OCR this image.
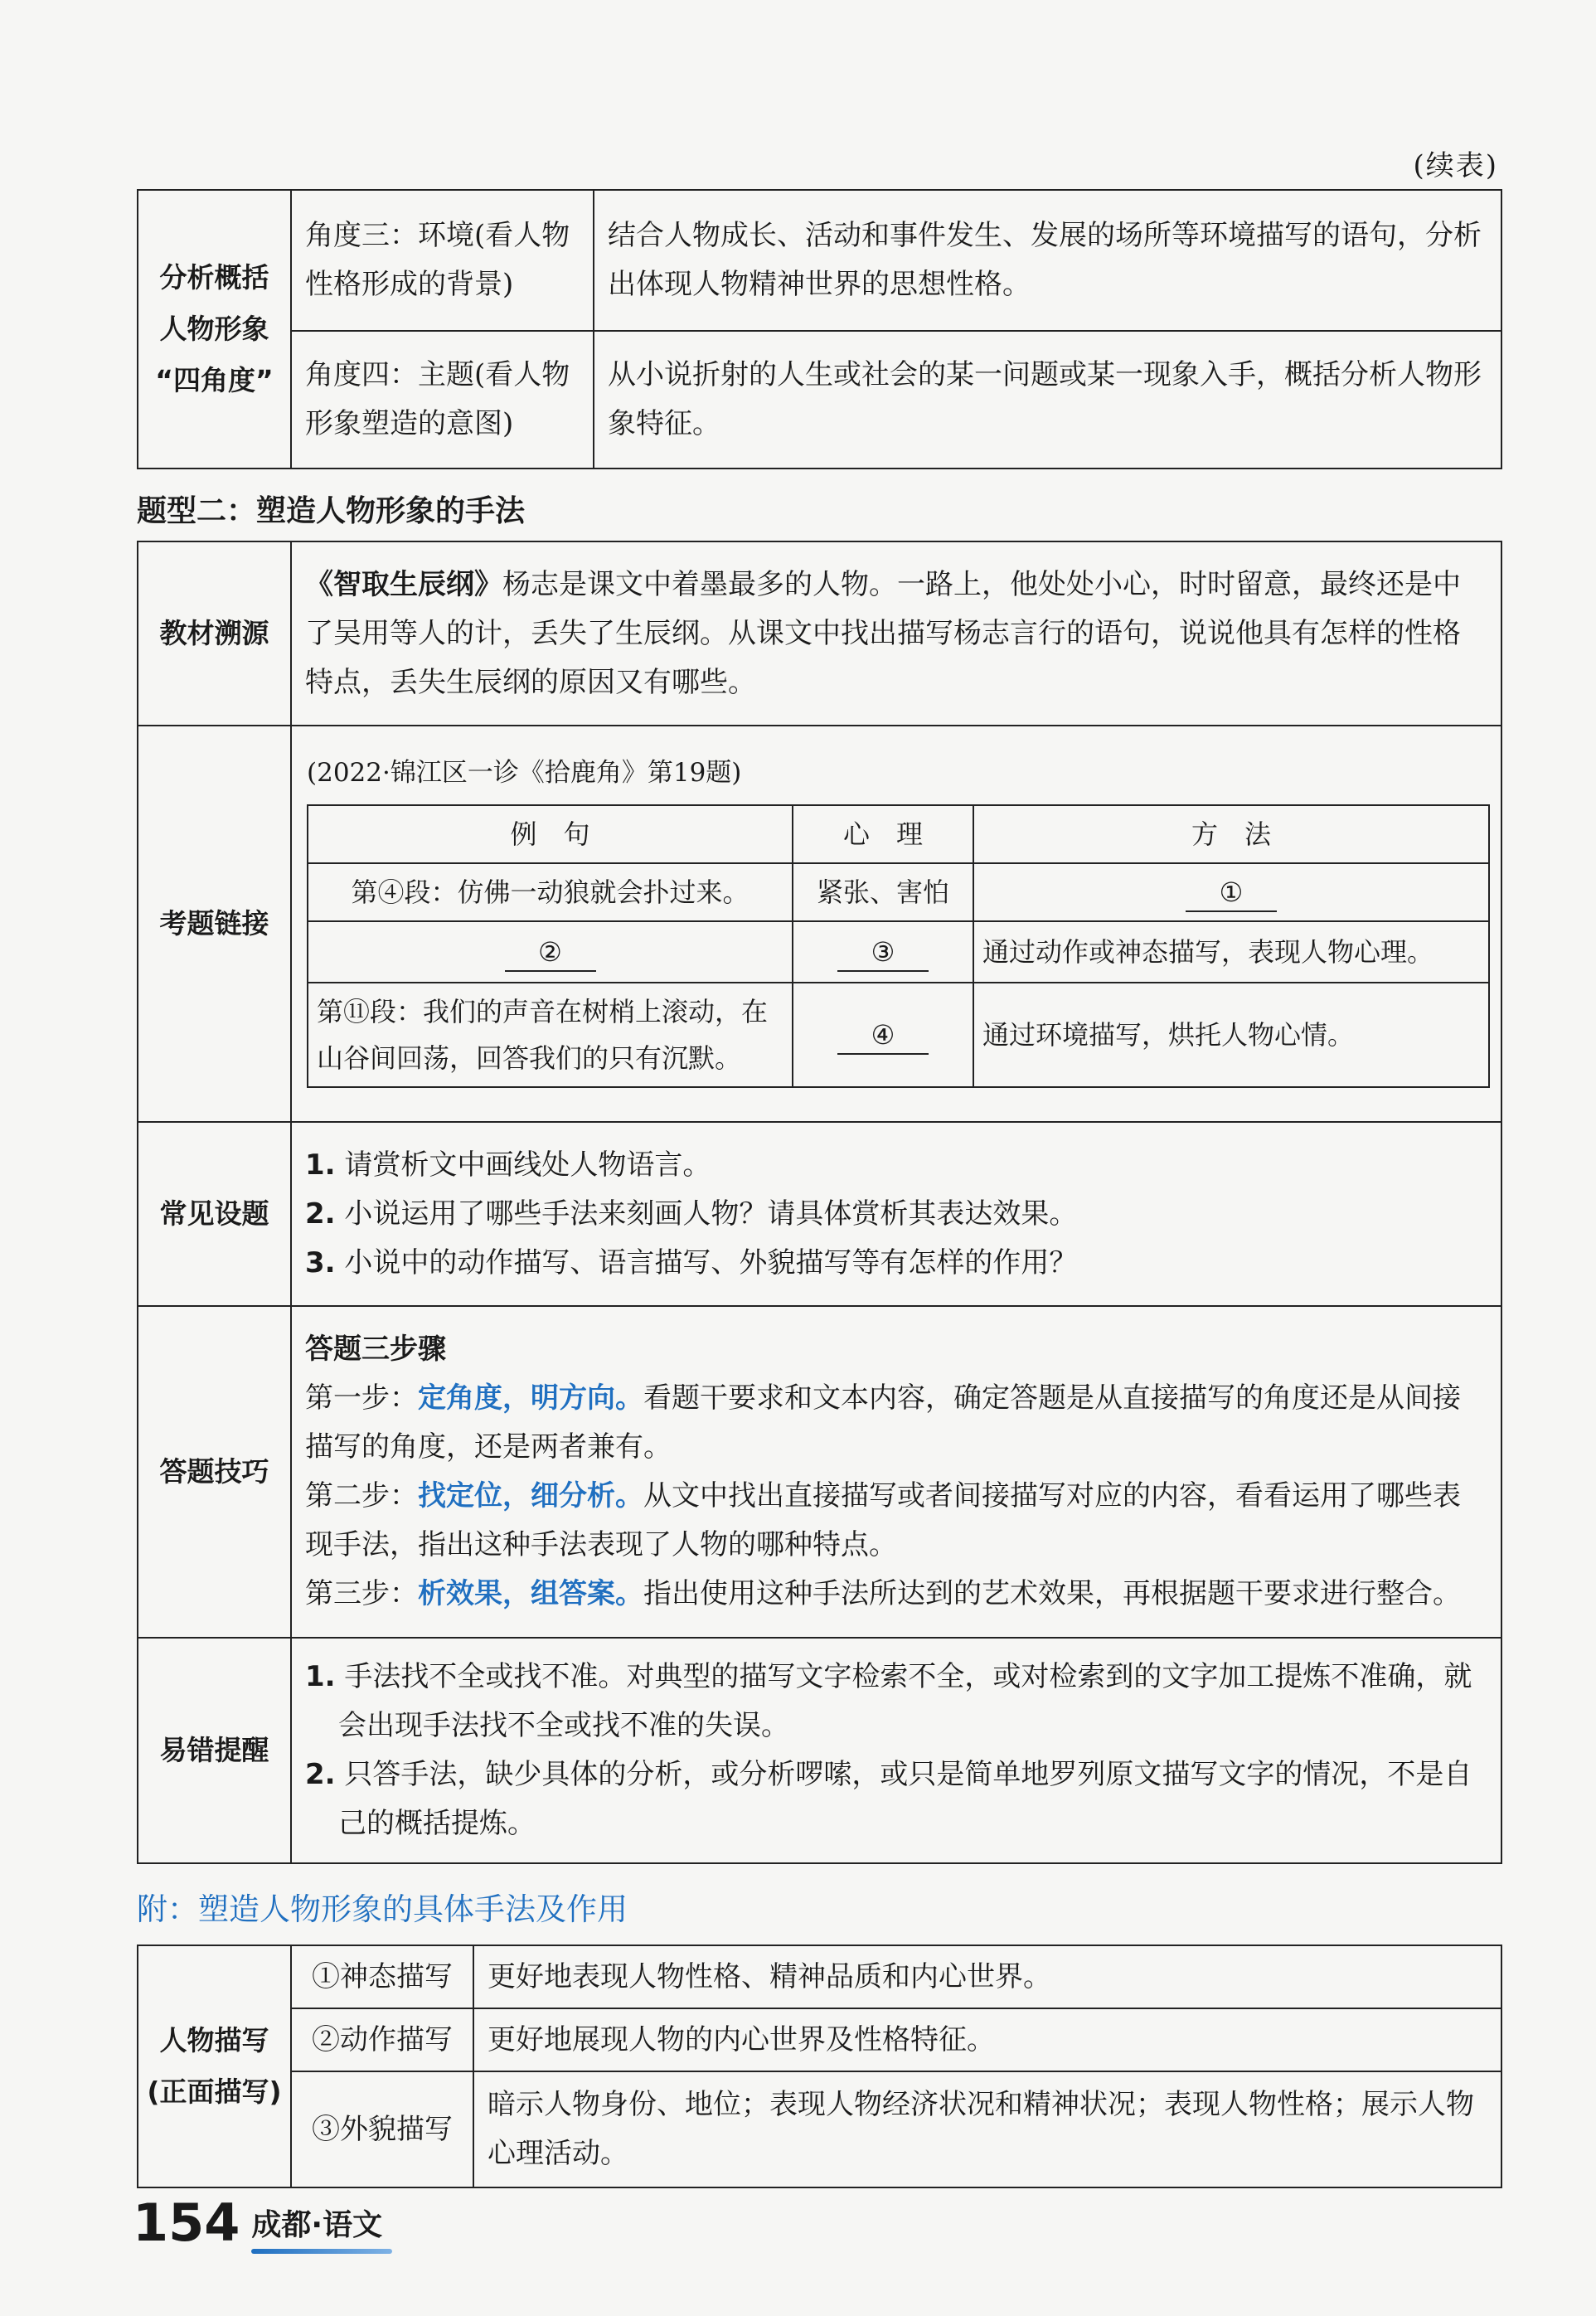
(续表)
分析概括
人物形象
“四角度”	角度三：环境(看人物性格形成的背景)	结合人物成长、活动和事件发生、发展的场所等环境描写的语句，分析出体现人物精神世界的思想性格。
	角度四：主题(看人物形象塑造的意图)	从小说折射的人生或社会的某一问题或某一现象入手，概括分析人物形象特征。
题型二：塑造人物形象的手法
教材溯源	《智取生辰纲》杨志是课文中着墨最多的人物。一路上，他处处小心，时时留意，最终还是中了吴用等人的计，丢失了生辰纲。从课文中找出描写杨志言行的语句，说说他具有怎样的性格特点，丢失生辰纲的原因又有哪些。
考题链接	
(2022·锦江区一诊《拾鹿角》第19题)
例　句	心　理	方　法
第④段：仿佛一动狼就会扑过来。	紧张、害怕	①
②	③	通过动作或神态描写，表现人物心理。
第⑪段：我们的声音在树梢上滚动，在山谷间回荡，回答我们的只有沉默。	④	通过环境描写，烘托人物心情。

常见设题	
1. 请赏析文中画线处人物语言。
2. 小说运用了哪些手法来刻画人物？请具体赏析其表达效果。
3. 小说中的动作描写、语言描写、外貌描写等有怎样的作用？

答题技巧	
答题三步骤
第一步：定角度，明方向。看题干要求和文本内容，确定答题是从直接描写的角度还是从间接描写的角度，还是两者兼有。
第二步：找定位，细分析。从文中找出直接描写或者间接描写对应的内容，看看运用了哪些表现手法，指出这种手法表现了人物的哪种特点。
第三步：析效果，组答案。指出使用这种手法所达到的艺术效果，再根据题干要求进行整合。

易错提醒	
1. 手法找不全或找不准。对典型的描写文字检索不全，或对检索到的文字加工提炼不准确，就会出现手法找不全或找不准的失误。
2. 只答手法，缺少具体的分析，或分析啰嗦，或只是简单地罗列原文描写文字的情况，不是自己的概括提炼。
附：塑造人物形象的具体手法及作用
人物描写
(正面描写)	①神态描写	更好地表现人物性格、精神品质和内心世界。
	②动作描写	更好地展现人物的内心世界及性格特征。
	③外貌描写	暗示人物身份、地位；表现人物经济状况和精神状况；表现人物性格；展示人物心理活动。
154 成都·语文
